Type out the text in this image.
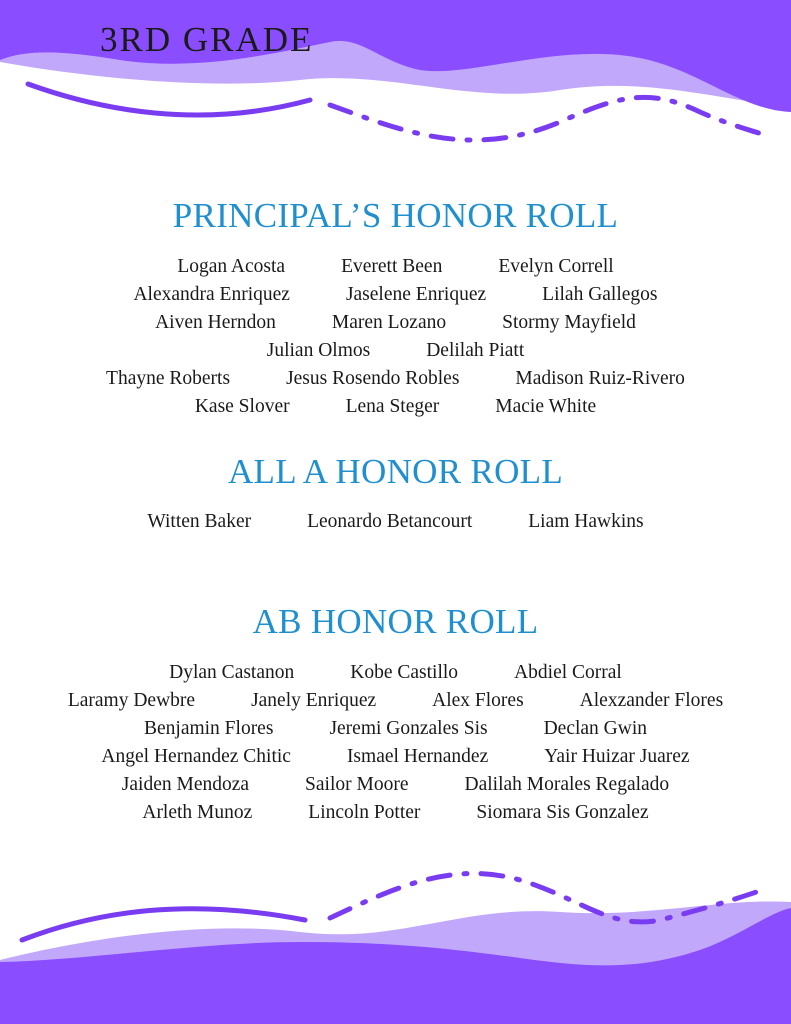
3RD GRADE
PRINCIPAL’S HONOR ROLL
Logan Acosta	Everett Been	Evelyn Correll
Alexandra Enriquez	Jaselene Enriquez	Lilah Gallegos
Aiven Herndon	Maren Lozano	Stormy Mayfield
Julian Olmos	Delilah Piatt
Thayne Roberts	Jesus Rosendo Robles	Madison Ruiz-Rivero
Kase Slover	Lena Steger	Macie White
ALL A HONOR ROLL
Witten Baker	Leonardo Betancourt	Liam Hawkins
AB HONOR ROLL
Dylan Castanon	Kobe Castillo	Abdiel Corral
Laramy Dewbre	Janely Enriquez	Alex Flores	Alexzander Flores
Benjamin Flores	Jeremi Gonzales Sis	Declan Gwin
Angel Hernandez Chitic	Ismael Hernandez	Yair Huizar Juarez
Jaiden Mendoza	Sailor Moore	Dalilah Morales Regalado
Arleth Munoz	Lincoln Potter	Siomara Sis Gonzalez
